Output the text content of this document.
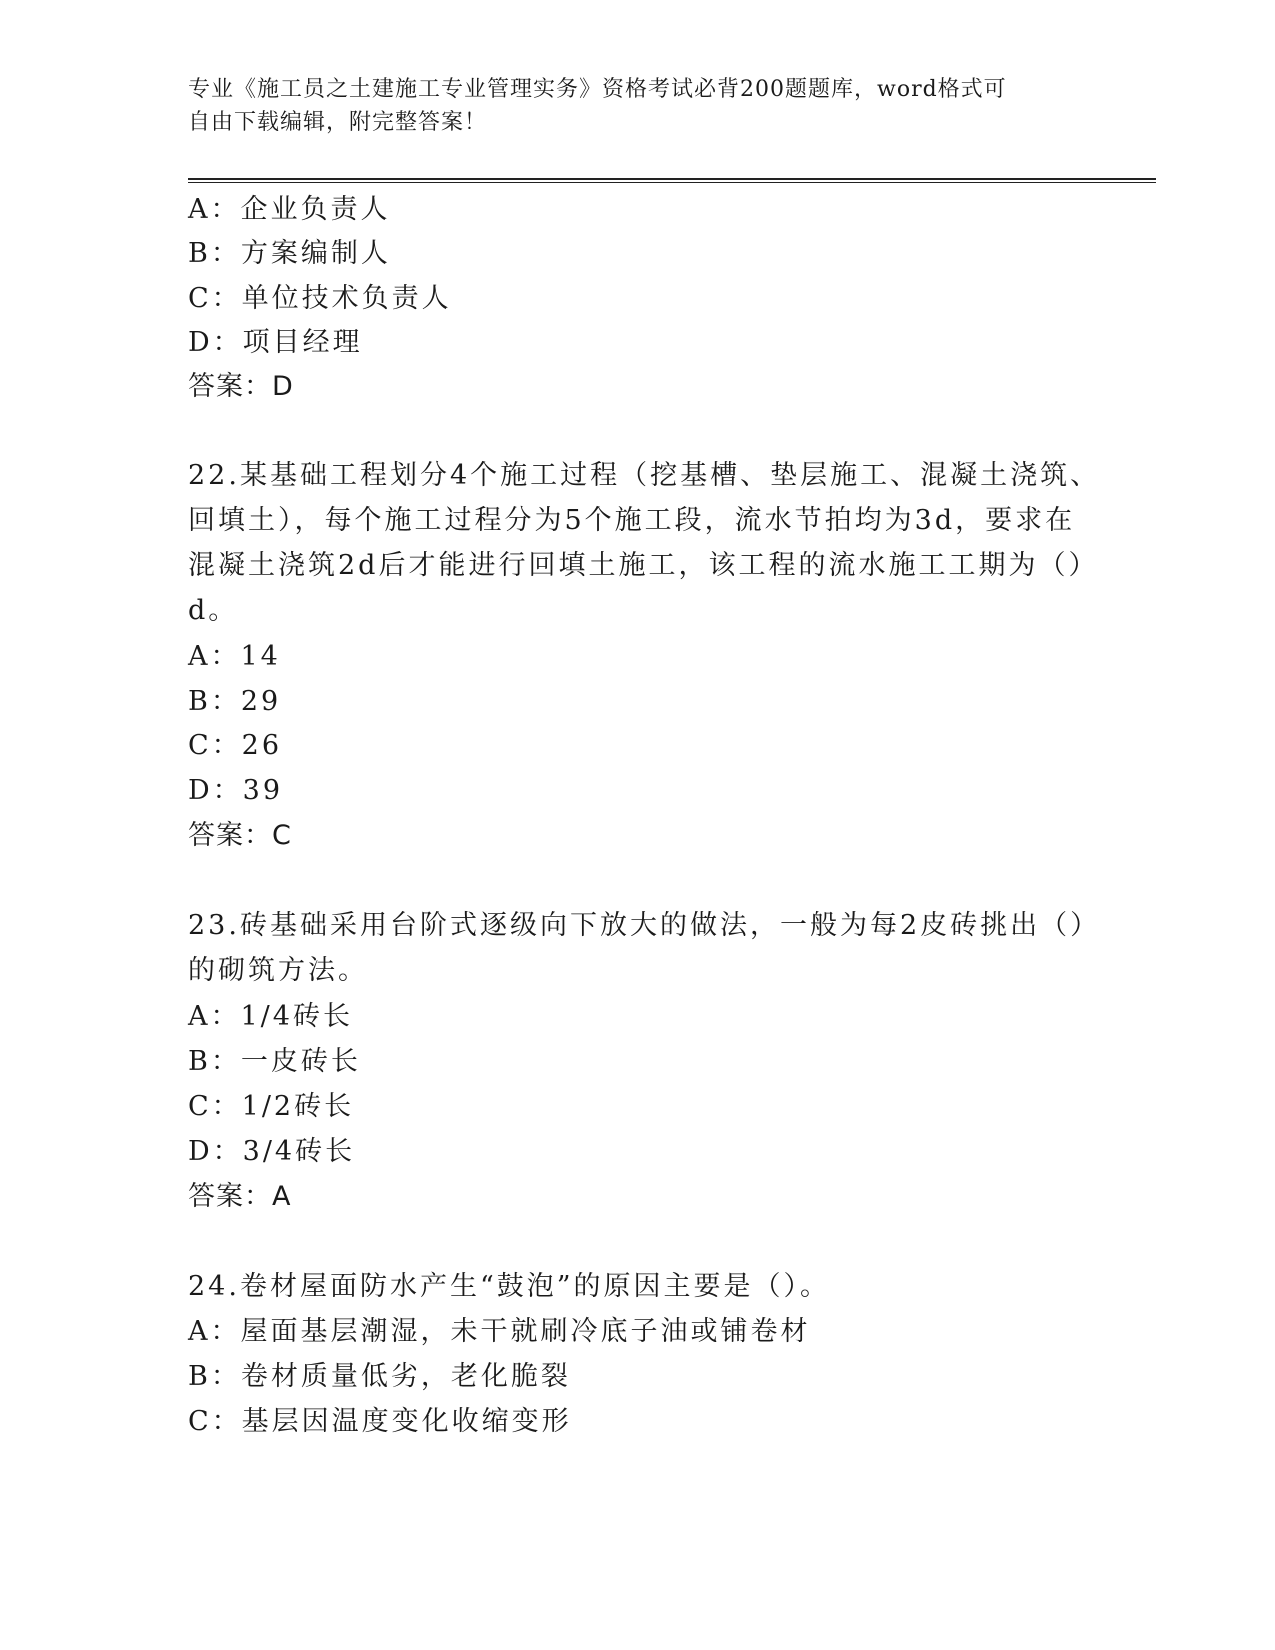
专业《施工员之土建施工专业管理实务》资格考试必背200题题库，word格式可
自由下载编辑，附完整答案！
A：企业负责人
B：方案编制人
C：单位技术负责人
D：项目经理
答案：D
22.某基础工程划分4个施工过程（挖基槽、垫层施工、混凝土浇筑、
回填土），每个施工过程分为5个施工段，流水节拍均为3d，要求在
混凝土浇筑2d后才能进行回填土施工，该工程的流水施工工期为（）
d。
A：14
B：29
C：26
D：39
答案：C
23.砖基础采用台阶式逐级向下放大的做法，一般为每2皮砖挑出（）
的砌筑方法。
A：1/4砖长
B：一皮砖长
C：1/2砖长
D：3/4砖长
答案：A
24.卷材屋面防水产生“鼓泡”的原因主要是（）。
A：屋面基层潮湿，未干就刷冷底子油或铺卷材
B：卷材质量低劣，老化脆裂
C：基层因温度变化收缩变形
